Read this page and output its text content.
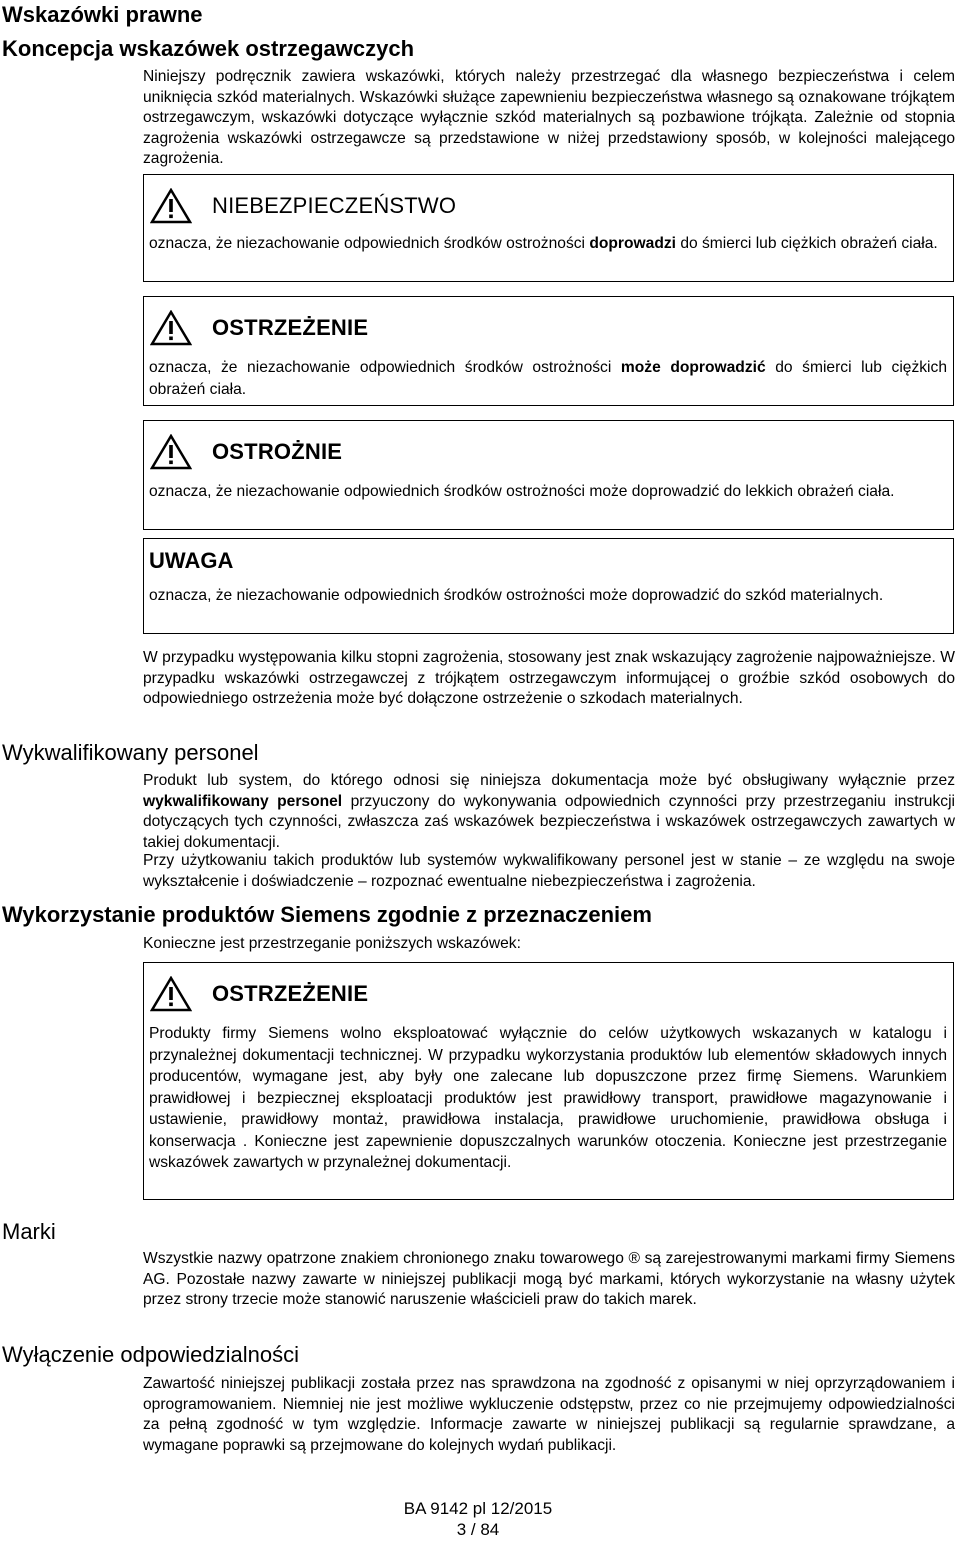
Wskazówki prawne
Koncepcja wskazówek ostrzegawczych

Niniejszy podręcznik zawiera wskazówki, których należy przestrzegać dla własnego bezpieczeństwa i celem uniknięcia szkód materialnych. Wskazówki służące zapewnieniu bezpieczeństwa własnego są oznakowane trójkątem ostrzegawczym, wskazówki dotyczące wyłącznie szkód materialnych są pozbawione trójkąta. Zależnie od stopnia zagrożenia wskazówki ostrzegawcze są przedstawione w niżej przedstawiony sposób, w kolejności malejącego zagrożenia.

NIEBEZPIECZEŃSTWO

oznacza, że niezachowanie odpowiednich środków ostrożności doprowadzi do śmierci lub ciężkich obrażeń ciała.

OSTRZEŻENIE

oznacza, że niezachowanie odpowiednich środków ostrożności może doprowadzić do śmierci lub ciężkich obrażeń ciała.

OSTROŻNIE

oznacza, że niezachowanie odpowiednich środków ostrożności może doprowadzić do lekkich obrażeń ciała.

UWAGA

oznacza, że niezachowanie odpowiednich środków ostrożności może doprowadzić do szkód materialnych.

W przypadku występowania kilku stopni zagrożenia, stosowany jest znak wskazujący zagrożenie najpoważniejsze. W przypadku wskazówki ostrzegawczej z trójkątem ostrzegawczym informującej o groźbie szkód osobowych do odpowiedniego ostrzeżenia może być dołączone ostrzeżenie o szkodach materialnych.

Wykwalifikowany personel

Produkt lub system, do którego odnosi się niniejsza dokumentacja może być obsługiwany wyłącznie przez wykwalifikowany personel przyuczony do wykonywania odpowiednich czynności przy przestrzeganiu instrukcji dotyczących tych czynności, zwłaszcza zaś wskazówek bezpieczeństwa i wskazówek ostrzegawczych zawartych w takiej dokumentacji.

Przy użytkowaniu takich produktów lub systemów wykwalifikowany personel jest w stanie – ze względu na swoje wykształcenie i doświadczenie – rozpoznać ewentualne niebezpieczeństwa i zagrożenia.

Wykorzystanie produktów Siemens zgodnie z przeznaczeniem

Konieczne jest przestrzeganie poniższych wskazówek:

OSTRZEŻENIE

Produkty firmy Siemens wolno eksploatować wyłącznie do celów użytkowych wskazanych w katalogu i przynależnej dokumentacji technicznej. W przypadku wykorzystania produktów lub elementów składowych innych producentów, wymagane jest, aby były one zalecane lub dopuszczone przez firmę Siemens. Warunkiem prawidłowej i bezpiecznej eksploatacji produktów jest prawidłowy transport, prawidłowe magazynowanie i ustawienie, prawidłowy montaż, prawidłowa instalacja, prawidłowe uruchomienie, prawidłowa obsługa i konserwacja . Konieczne jest zapewnienie dopuszczalnych warunków otoczenia. Konieczne jest przestrzeganie wskazówek zawartych w przynależnej dokumentacji.

Marki

Wszystkie nazwy opatrzone znakiem chronionego znaku towarowego ® są zarejestrowanymi markami firmy Siemens AG. Pozostałe nazwy zawarte w niniejszej publikacji mogą być markami, których wykorzystanie na własny użytek przez strony trzecie może stanowić naruszenie właścicieli praw do takich marek.

Wyłączenie odpowiedzialności

Zawartość niniejszej publikacji została przez nas sprawdzona na zgodność z opisanymi w niej oprzyrządowaniem i oprogramowaniem. Niemniej nie jest możliwe wykluczenie odstępstw, przez co nie przejmujemy odpowiedzialności za pełną zgodność w tym względzie. Informacje zawarte w niniejszej publikacji są regularnie sprawdzane, a wymagane poprawki są przejmowane do kolejnych wydań publikacji.

BA 9142 pl 12/2015
3 / 84
